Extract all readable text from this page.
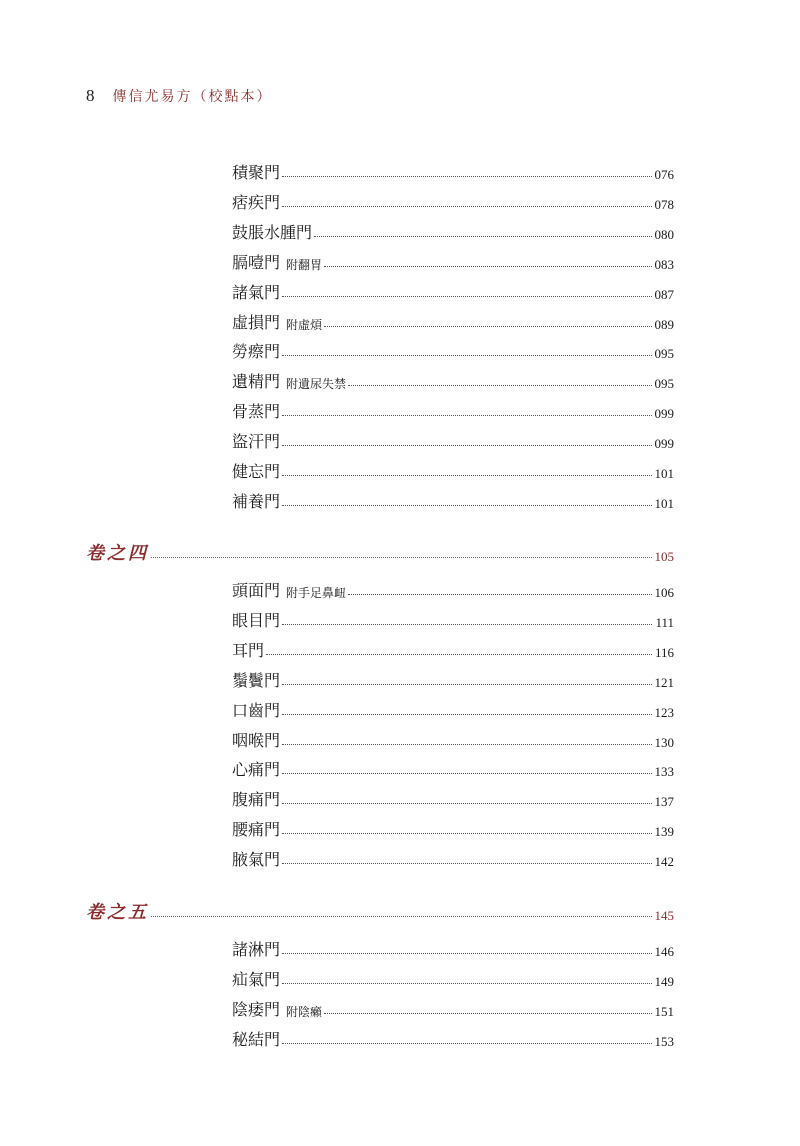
8 傳信尤易方（校點本）
積聚門	076
痞疾門	078
鼓脹水腫門	080
膈噎門 附翻胃	083
諸氣門	087
虛損門 附虛煩	089
勞瘵門	095
遺精門 附遺尿失禁	095
骨蒸門	099
盜汗門	099
健忘門	101
補養門	101
卷之四	105
頭面門 附手足鼻衄	106
眼目門	111
耳門	116
鬚鬢門	121
口齒門	123
咽喉門	130
心痛門	133
腹痛門	137
腰痛門	139
腋氣門	142
卷之五	145
諸淋門	146
疝氣門	149
陰痿門 附陰癩	151
秘結門	153
